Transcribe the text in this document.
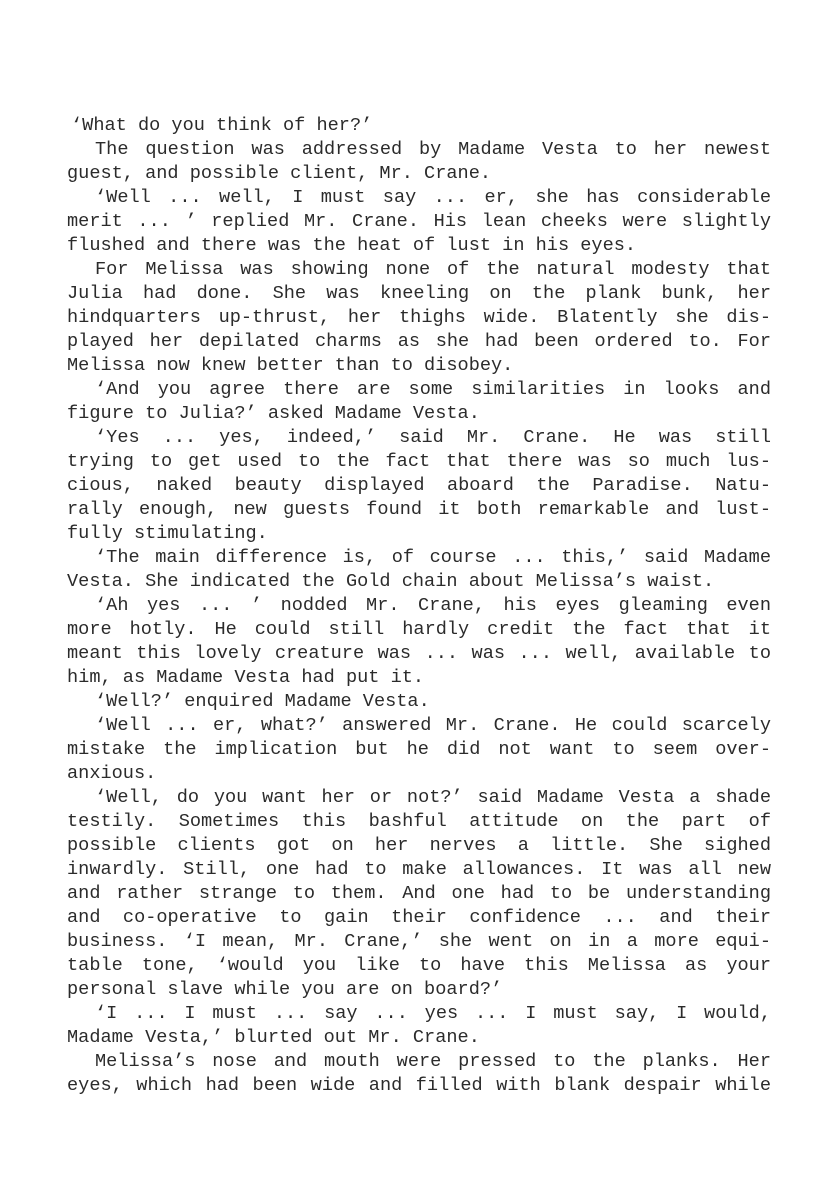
‘What do you think of her?’
The question was addressed by Madame Vesta to her newest
guest, and possible client, Mr. Crane.
‘Well ... well, I must say ... er, she has considerable
merit ... ’ replied Mr. Crane. His lean cheeks were slightly
flushed and there was the heat of lust in his eyes.
For Melissa was showing none of the natural modesty that
Julia had done. She was kneeling on the plank bunk, her
hindquarters up-thrust, her thighs wide. Blatently she dis-
played her depilated charms as she had been ordered to. For
Melissa now knew better than to disobey.
‘And you agree there are some similarities in looks and
figure to Julia?’ asked Madame Vesta.
‘Yes ... yes, indeed,’ said Mr. Crane. He was still
trying to get used to the fact that there was so much lus-
cious, naked beauty displayed aboard the Paradise. Natu-
rally enough, new guests found it both remarkable and lust-
fully stimulating.
‘The main difference is, of course ... this,’ said Madame
Vesta. She indicated the Gold chain about Melissa’s waist.
‘Ah yes ... ’ nodded Mr. Crane, his eyes gleaming even
more hotly. He could still hardly credit the fact that it
meant this lovely creature was ... was ... well, available to
him, as Madame Vesta had put it.
‘Well?’ enquired Madame Vesta.
‘Well ... er, what?’ answered Mr. Crane. He could scarcely
mistake the implication but he did not want to seem over-
anxious.
‘Well, do you want her or not?’ said Madame Vesta a shade
testily. Sometimes this bashful attitude on the part of
possible clients got on her nerves a little. She sighed
inwardly. Still, one had to make allowances. It was all new
and rather strange to them. And one had to be understanding
and co-operative to gain their confidence ... and their
business. ‘I mean, Mr. Crane,’ she went on in a more equi-
table tone, ‘would you like to have this Melissa as your
personal slave while you are on board?’
‘I ... I must ... say ... yes ... I must say, I would,
Madame Vesta,’ blurted out Mr. Crane.
Melissa’s nose and mouth were pressed to the planks. Her
eyes, which had been wide and filled with blank despair while
www.erofus.com
